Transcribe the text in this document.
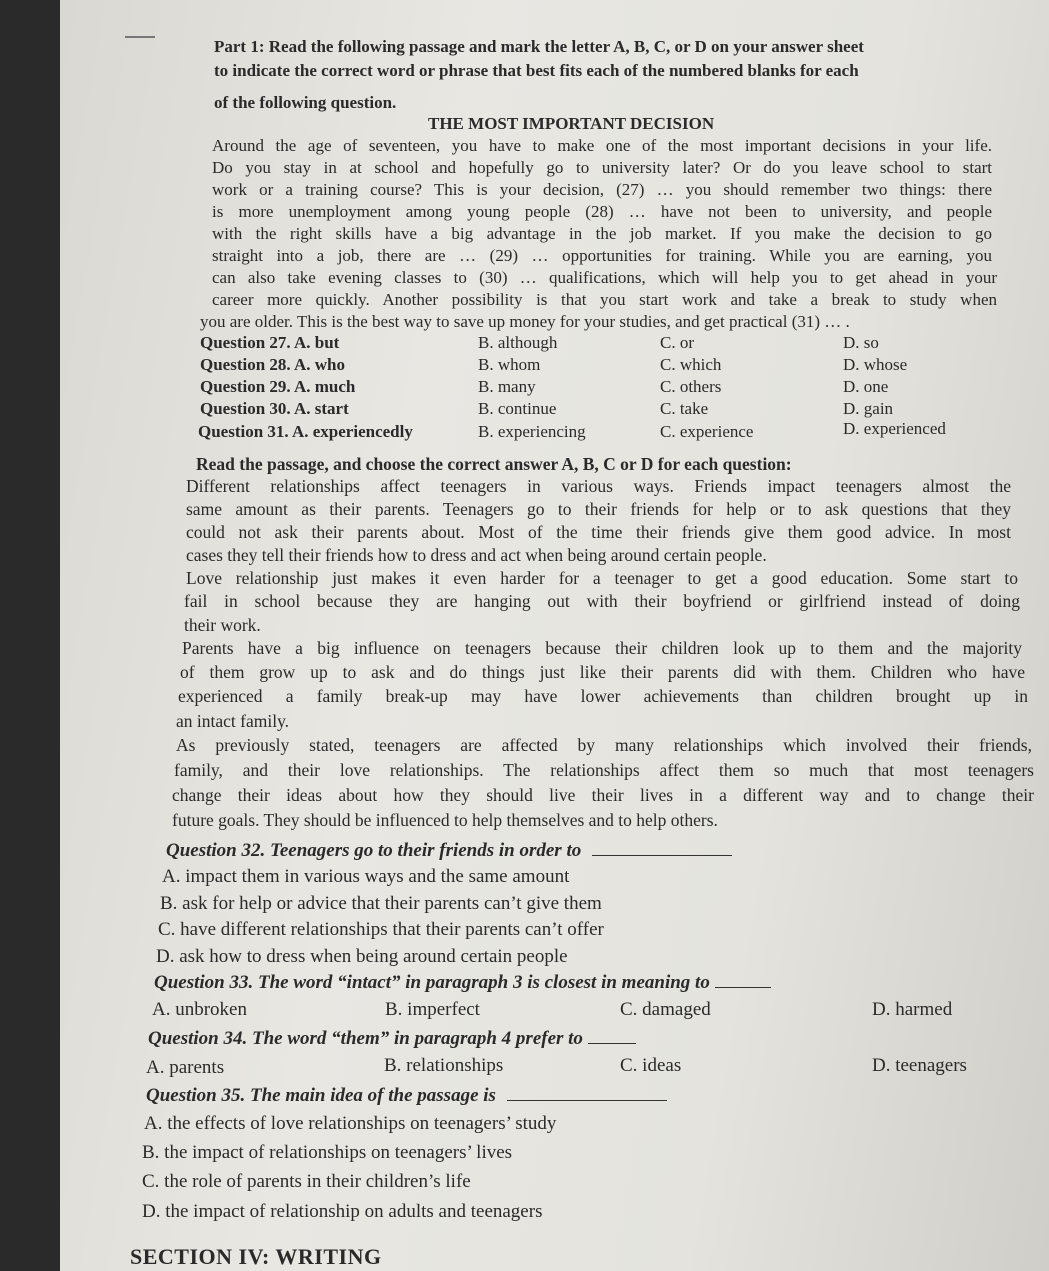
Part 1: Read the following passage and mark the letter A, B, C, or D on your answer sheet
to indicate the correct word or phrase that best fits each of the numbered blanks for each
of the following question.
THE MOST IMPORTANT DECISION
Around the age of seventeen, you have to make one of the most important decisions in your life.
Do you stay in at school and hopefully go to university later? Or do you leave school to start
work or a training course? This is your decision, (27) … you should remember two things: there
is more unemployment among young people (28) … have not been to university, and people
with the right skills have a big advantage in the job market. If you make the decision to go
straight into a job, there are … (29) … opportunities for training. While you are earning, you
can also take evening classes to (30) … qualifications, which will help you to get ahead in your
career more quickly. Another possibility is that you start work and take a break to study when
you are older. This is the best way to save up money for your studies, and get practical (31) … .
Question 27. A. but	B. although	C. or	D. so
Question 28. A. who	B. whom	C. which	D. whose
Question 29. A. much	B. many	C. others	D. one
Question 30. A. start	B. continue	C. take	D. gain
Question 31. A. experiencedly	B. experiencing	C. experience	D. experienced
Read the passage, and choose the correct answer A, B, C or D for each question:
Different relationships affect teenagers in various ways. Friends impact teenagers almost the
same amount as their parents. Teenagers go to their friends for help or to ask questions that they
could not ask their parents about. Most of the time their friends give them good advice. In most
cases they tell their friends how to dress and act when being around certain people.
Love relationship just makes it even harder for a teenager to get a good education. Some start to
fail in school because they are hanging out with their boyfriend or girlfriend instead of doing
their work.
Parents have a big influence on teenagers because their children look up to them and the majority
of them grow up to ask and do things just like their parents did with them. Children who have
experienced a family break-up may have lower achievements than children brought up in
an intact family.
As previously stated, teenagers are affected by many relationships which involved their friends,
family, and their love relationships. The relationships affect them so much that most teenagers
change their ideas about how they should live their lives in a different way and to change their
future goals. They should be influenced to help themselves and to help others.
Question 32. Teenagers go to their friends in order to
A. impact them in various ways and the same amount
B. ask for help or advice that their parents can’t give them
C. have different relationships that their parents can’t offer
D. ask how to dress when being around certain people
Question 33. The word “intact” in paragraph 3 is closest in meaning to
A. unbroken	B. imperfect	C. damaged	D. harmed
Question 34. The word “them” in paragraph 4 prefer to
A. parents	B. relationships	C. ideas	D. teenagers
Question 35. The main idea of the passage is
A. the effects of love relationships on teenagers’ study
B. the impact of relationships on teenagers’ lives
C. the role of parents in their children’s life
D. the impact of relationship on adults and teenagers
SECTION IV: WRITING
